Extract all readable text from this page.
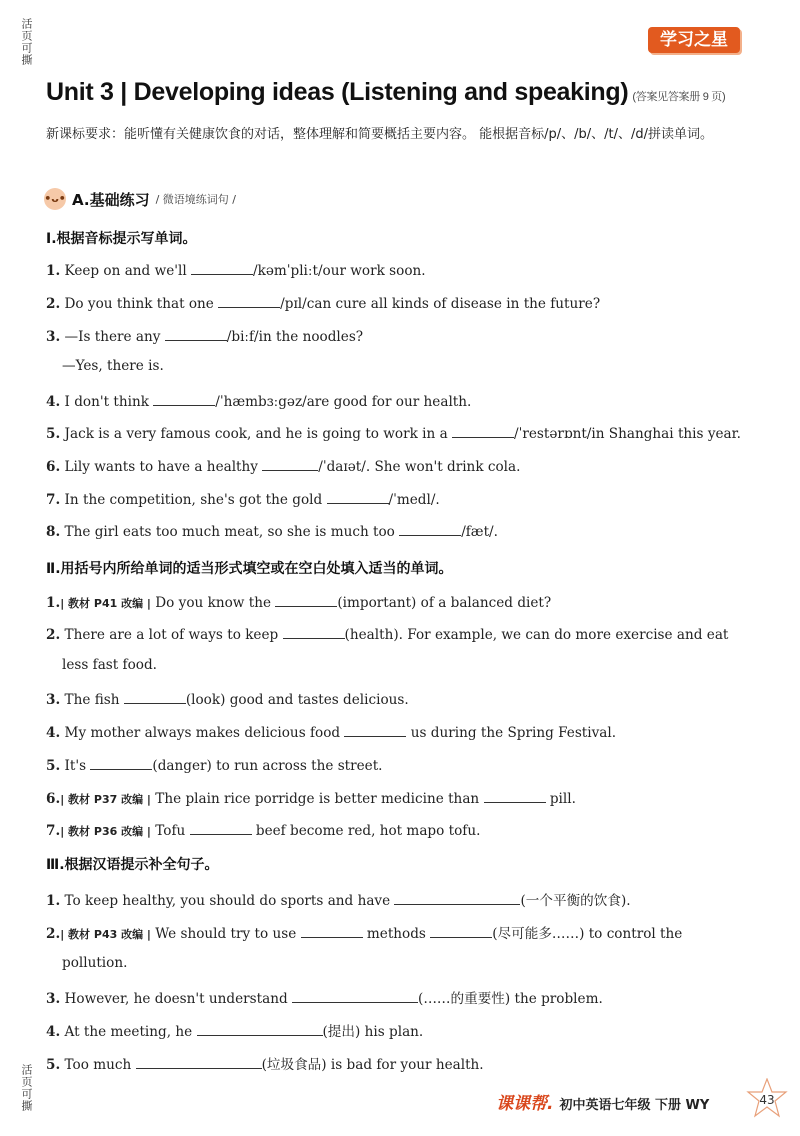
活页可撕
活页可撕
学习之星
Unit 3 | Developing ideas (Listening and speaking) (答案见答案册 9 页)
新课标要求：能听懂有关健康饮食的对话，整体理解和简要概括主要内容。 能根据音标/p/、/b/、/t/、/d/拼读单词。
•ᴗ• A.基础练习 / 微语境练词句 /
Ⅰ.根据音标提示写单词。
1. Keep on and we'll	/kəmˈpliːt/our work soon.
2. Do you think that one	/pɪl/can cure all kinds of disease in the future?
3. —Is there any	/biːf/in the noodles?
—Yes, there is.
4. I don't think	/ˈhæmbɜːgəz/are good for our health.
5. Jack is a very famous cook, and he is going to work in a	/ˈrestərɒnt/in Shanghai this year.
6. Lily wants to have a healthy	/ˈdaɪət/. She won't drink cola.
7. In the competition, she's got the gold	/ˈmedl/.
8. The girl eats too much meat, so she is much too	/fæt/.
Ⅱ.用括号内所给单词的适当形式填空或在空白处填入适当的单词。
1.| 教材 P41 改编 | Do you know the	(important) of a balanced diet?
2. There are a lot of ways to keep	(health). For example, we can do more exercise and eat
less fast food.
3. The fish	(look) good and tastes delicious.
4. My mother always makes delicious food	us during the Spring Festival.
5. It's	(danger) to run across the street.
6.| 教材 P37 改编 | The plain rice porridge is better medicine than	pill.
7.| 教材 P36 改编 | Tofu	beef become red, hot mapo tofu.
Ⅲ.根据汉语提示补全句子。
1. To keep healthy, you should do sports and have	(一个平衡的饮食).
2.| 教材 P43 改编 | We should try to use	methods	(尽可能多……) to control the
pollution.
3. However, he doesn't understand	(……的重要性) the problem.
4. At the meeting, he	(提出) his plan.
5. Too much	(垃圾食品) is bad for your health.
课课帮. 初中英语七年级 下册 WY	43
